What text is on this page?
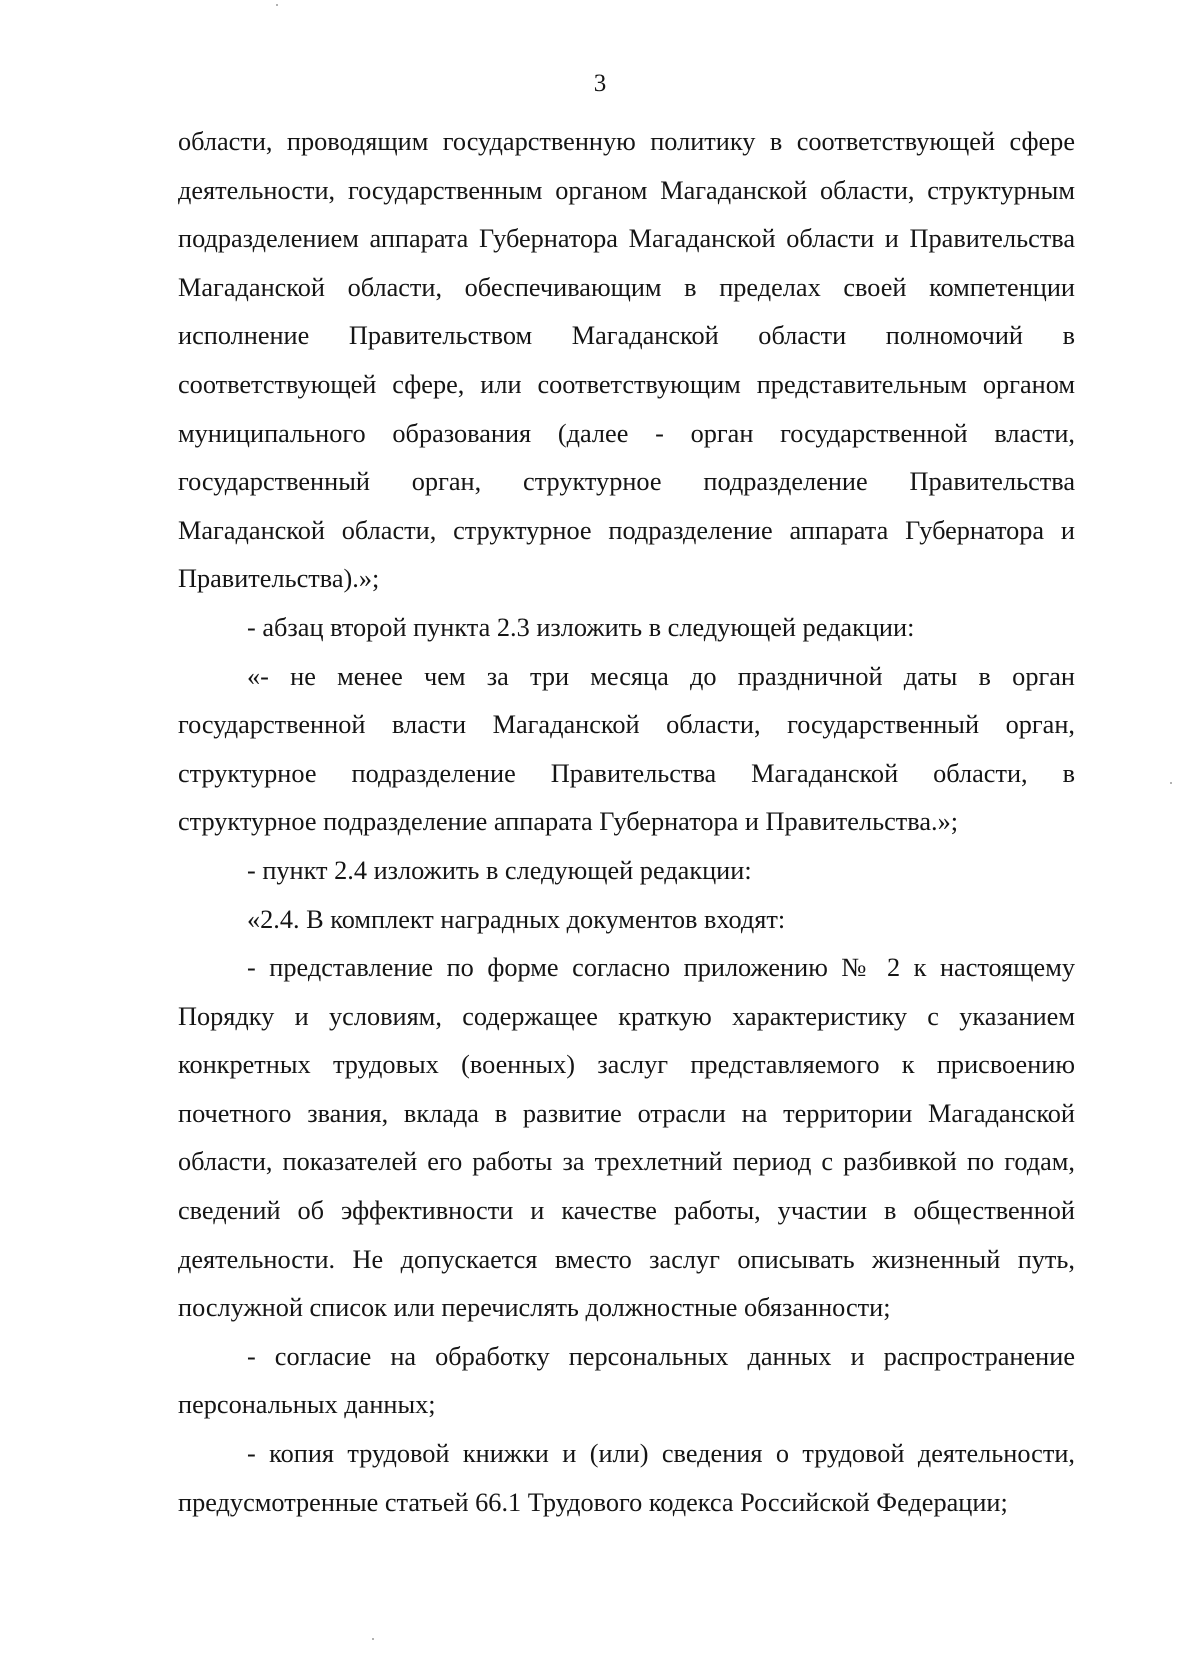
3

области, проводящим государственную политику в соответствующей сфере деятельности, государственным органом Магаданской области, структурным подразделением аппарата Губернатора Магаданской области и Правительства Магаданской области, обеспечивающим в пределах своей компетенции исполнение Правительством Магаданской области полномочий в соответствующей сфере, или соответствующим представительным органом муниципального образования (далее - орган государственной власти, государственный орган, структурное подразделение Правительства Магаданской области, структурное подразделение аппарата Губернатора и Правительства).»;

- абзац второй пункта 2.3 изложить в следующей редакции:

«- не менее чем за три месяца до праздничной даты в орган государственной власти Магаданской области, государственный орган, структурное подразделение Правительства Магаданской области, в структурное подразделение аппарата Губернатора и Правительства.»;

- пункт 2.4 изложить в следующей редакции:

«2.4. В комплект наградных документов входят:

- представление по форме согласно приложению № 2 к настоящему Порядку и условиям, содержащее краткую характеристику с указанием конкретных трудовых (военных) заслуг представляемого к присвоению почетного звания, вклада в развитие отрасли на территории Магаданской области, показателей его работы за трехлетний период с разбивкой по годам, сведений об эффективности и качестве работы, участии в общественной деятельности. Не допускается вместо заслуг описывать жизненный путь, послужной список или перечислять должностные обязанности;

- согласие на обработку персональных данных и распространение персональных данных;

- копия трудовой книжки и (или) сведения о трудовой деятельности, предусмотренные статьей 66.1 Трудового кодекса Российской Федерации;
